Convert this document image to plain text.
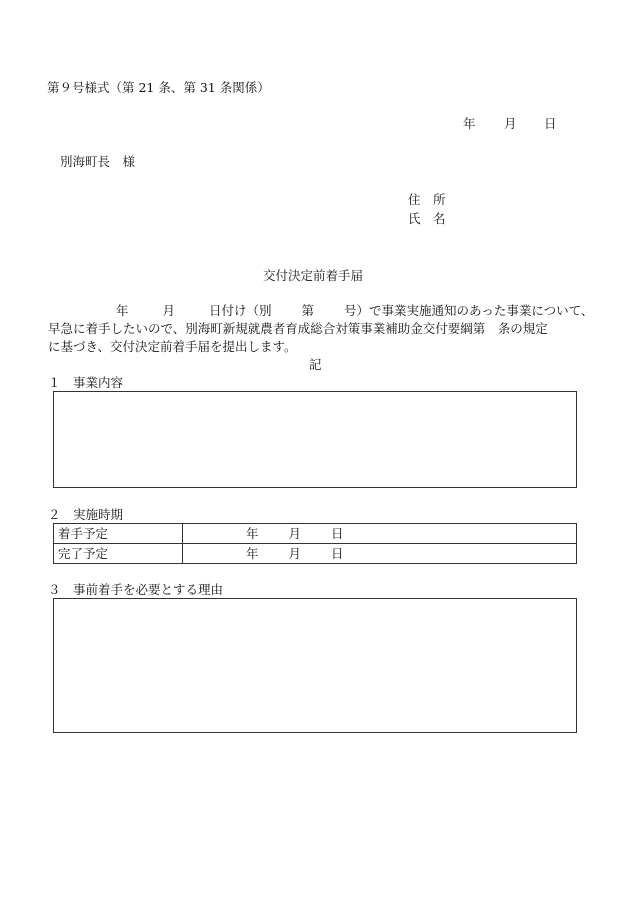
第９号様式（第 21 条、第 31 条関係）
年 月 日
別海町長　様
住　所
氏　名
交付決定前着手届
年	月	日付け（別 第 号）で事業実施通知のあった事業について、
早急に着手したいので、別海町新規就農者育成総合対策事業補助金交付要綱第　条の規定
に基づき、交付決定前着手届を提出します。
記
１　事業内容
２　実施時期
着手予定	年 月 日
完了予定	年 月 日
３　事前着手を必要とする理由
